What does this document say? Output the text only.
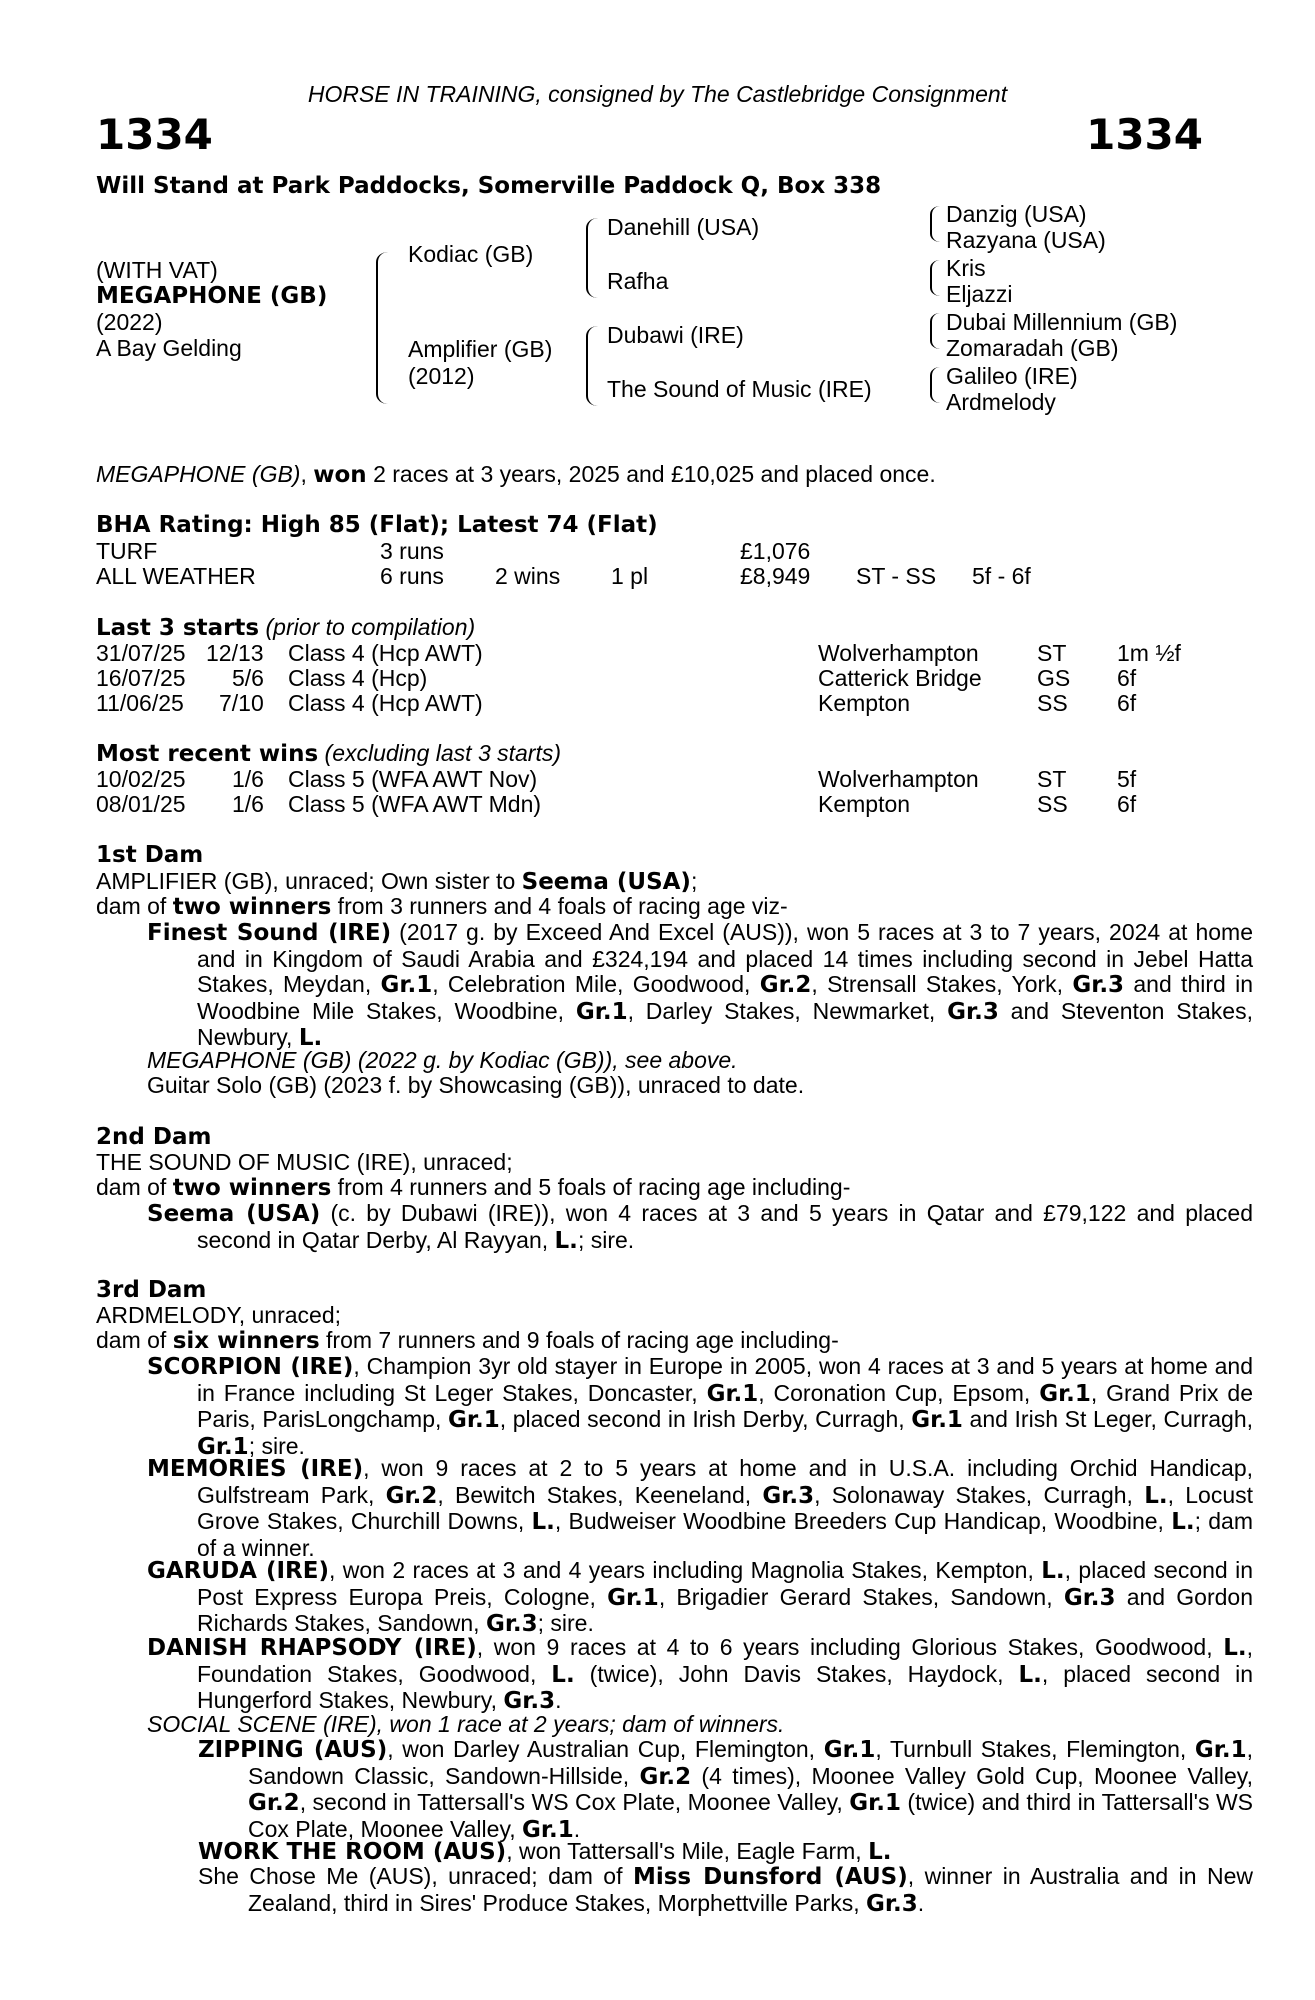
HORSE IN TRAINING, consigned by The Castlebridge Consignment
1334	1334
Will Stand at Park Paddocks, Somerville Paddock Q, Box 338
(WITH VAT)
MEGAPHONE (GB)
(2022)
A Bay Gelding
Kodiac (GB)
Amplifier (GB)
(2012)
Danehill (USA)
Rafha
Dubawi (IRE)
The Sound of Music (IRE)
Danzig (USA)
Razyana (USA)
Kris
Eljazzi
Dubai Millennium (GB)
Zomaradah (GB)
Galileo (IRE)
Ardmelody
MEGAPHONE (GB), won 2 races at 3 years, 2025 and £10,025 and placed once.
BHA Rating: High 85 (Flat); Latest 74 (Flat)
TURF	3 runs	£1,076
ALL WEATHER	6 runs 2 wins 1 pl	£8,949 ST - SS 5f - 6f
Last 3 starts (prior to compilation)
31/07/25 12/13 Class 4 (Hcp AWT)	Wolverhampton	ST 1m ½f
16/07/25 5/6 Class 4 (Hcp)	Catterick Bridge GS 6f
11/06/25 7/10 Class 4 (Hcp AWT)	Kempton	SS 6f
Most recent wins (excluding last 3 starts)
10/02/25 1/6 Class 5 (WFA AWT Nov)	Wolverhampton	ST 5f
08/01/25 1/6 Class 5 (WFA AWT Mdn)	Kempton	SS 6f
1st Dam
AMPLIFIER (GB), unraced; Own sister to Seema (USA);
dam of two winners from 3 runners and 4 foals of racing age viz-
Finest Sound (IRE) (2017 g. by Exceed And Excel (AUS)), won 5 races at 3 to 7 years, 2024 at home and in Kingdom of Saudi Arabia and £324,194 and placed 14 times including second in Jebel Hatta Stakes, Meydan, Gr.1, Celebration Mile, Goodwood, Gr.2, Strensall Stakes, York, Gr.3 and third in Woodbine Mile Stakes, Woodbine, Gr.1, Darley Stakes, Newmarket, Gr.3 and Steventon Stakes, Newbury, L.
MEGAPHONE (GB) (2022 g. by Kodiac (GB)), see above.
Guitar Solo (GB) (2023 f. by Showcasing (GB)), unraced to date.
2nd Dam
THE SOUND OF MUSIC (IRE), unraced;
dam of two winners from 4 runners and 5 foals of racing age including-
Seema (USA) (c. by Dubawi (IRE)), won 4 races at 3 and 5 years in Qatar and £79,122 and placed second in Qatar Derby, Al Rayyan, L.; sire.
3rd Dam
ARDMELODY, unraced;
dam of six winners from 7 runners and 9 foals of racing age including-
SCORPION (IRE), Champion 3yr old stayer in Europe in 2005, won 4 races at 3 and 5 years at home and in France including St Leger Stakes, Doncaster, Gr.1, Coronation Cup, Epsom, Gr.1, Grand Prix de Paris, ParisLongchamp, Gr.1, placed second in Irish Derby, Curragh, Gr.1 and Irish St Leger, Curragh, Gr.1; sire.
MEMORIES (IRE), won 9 races at 2 to 5 years at home and in U.S.A. including Orchid Handicap, Gulfstream Park, Gr.2, Bewitch Stakes, Keeneland, Gr.3, Solonaway Stakes, Curragh, L., Locust Grove Stakes, Churchill Downs, L., Budweiser Woodbine Breeders Cup Handicap, Woodbine, L.; dam of a winner.
GARUDA (IRE), won 2 races at 3 and 4 years including Magnolia Stakes, Kempton, L., placed second in Post Express Europa Preis, Cologne, Gr.1, Brigadier Gerard Stakes, Sandown, Gr.3 and Gordon Richards Stakes, Sandown, Gr.3; sire.
DANISH RHAPSODY (IRE), won 9 races at 4 to 6 years including Glorious Stakes, Goodwood, L., Foundation Stakes, Goodwood, L. (twice), John Davis Stakes, Haydock, L., placed second in Hungerford Stakes, Newbury, Gr.3.
SOCIAL SCENE (IRE), won 1 race at 2 years; dam of winners.
ZIPPING (AUS), won Darley Australian Cup, Flemington, Gr.1, Turnbull Stakes, Flemington, Gr.1, Sandown Classic, Sandown-Hillside, Gr.2 (4 times), Moonee Valley Gold Cup, Moonee Valley, Gr.2, second in Tattersall's WS Cox Plate, Moonee Valley, Gr.1 (twice) and third in Tattersall's WS Cox Plate, Moonee Valley, Gr.1.
WORK THE ROOM (AUS), won Tattersall's Mile, Eagle Farm, L.
She Chose Me (AUS), unraced; dam of Miss Dunsford (AUS), winner in Australia and in New Zealand, third in Sires' Produce Stakes, Morphettville Parks, Gr.3.
